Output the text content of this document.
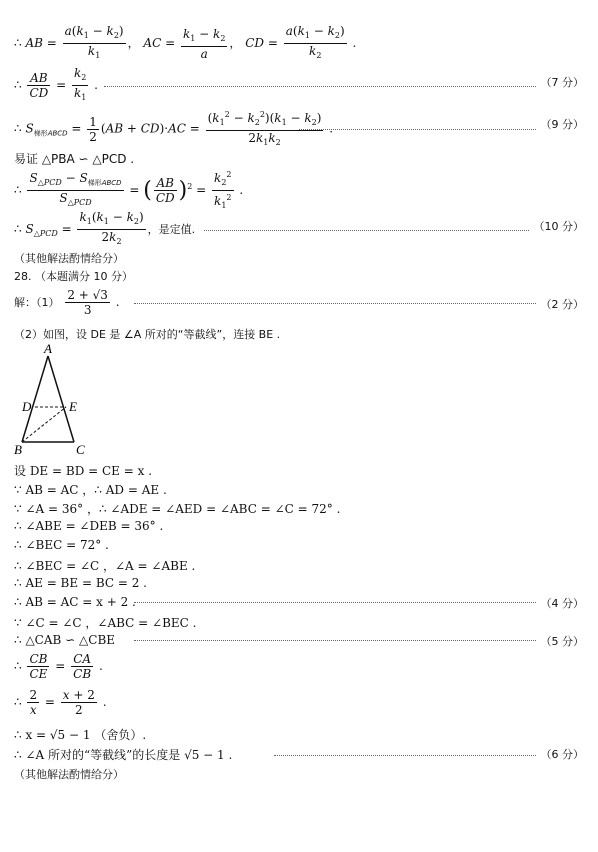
∴ AB = $\frac{a(k_1 - k_2)}{k_1}$ ， AC = $\frac{k_1 - k_2}{a}$ ， CD = $\frac{a(k_1 - k_2)}{k_2}$ .
∴ $\frac{AB}{CD} = \frac{k_2}{k_1}$ .	（7 分）
∴ $S_{梯形ABCD} = \frac{1}{2} (AB + CD)\cdot AC = \frac{(k_1^2 - k_2^2)(k_1 - k_2)}{2k_1k_2}$ .	（9 分）
易证 △PBA ∽ △PCD .
∴ $\frac{S_{\triangle PCD} - S_{梯形ABCD}}{S_{\triangle PCD}}$ = ( $\frac{AB}{CD} )^2 = \frac{k_2^2}{k_1^2}$ .
∴ $S_{\triangle PCD} = \frac{k_1(k_1 - k_2)}{2k_2}$ ，是定值.	（10 分）
（其他解法酌情给分）
28. （本题满分 10 分）
解：$(1) \frac{2 + √3}{3}$ .	（2 分）
（2）如图，设 DE 是 ∠A 所对的“等截线”，连接 BE .
A
D	E
B	C
设 DE = BD = CE = x .
∵ AB = AC ，∴ AD = AE .
∵ ∠A = 36° ，∴ ∠ADE = ∠AED = ∠ABC = ∠C = 72° .
∴ ∠ABE = ∠DEB = 36° .
∴ ∠BEC = 72° .
∴ ∠BEC = ∠C ，∠A = ∠ABE .
∴ AE = BE = BC = 2 .
∴ AB = AC = x + 2 .	（4 分）
∵ ∠C = ∠C ，∠ABC = ∠BEC .
∴ △CAB ∽ △CBE	（5 分）
∴ $\frac{CB}{CE} = \frac{CA}{CB}$ .
∴ $\frac{2}{x} = \frac{x + 2}{2}$ .
∴ x = √5 − 1 （舍负）.
∴ ∠A 所对的“等截线”的长度是 √5 − 1 .	（6 分）
（其他解法酌情给分）
